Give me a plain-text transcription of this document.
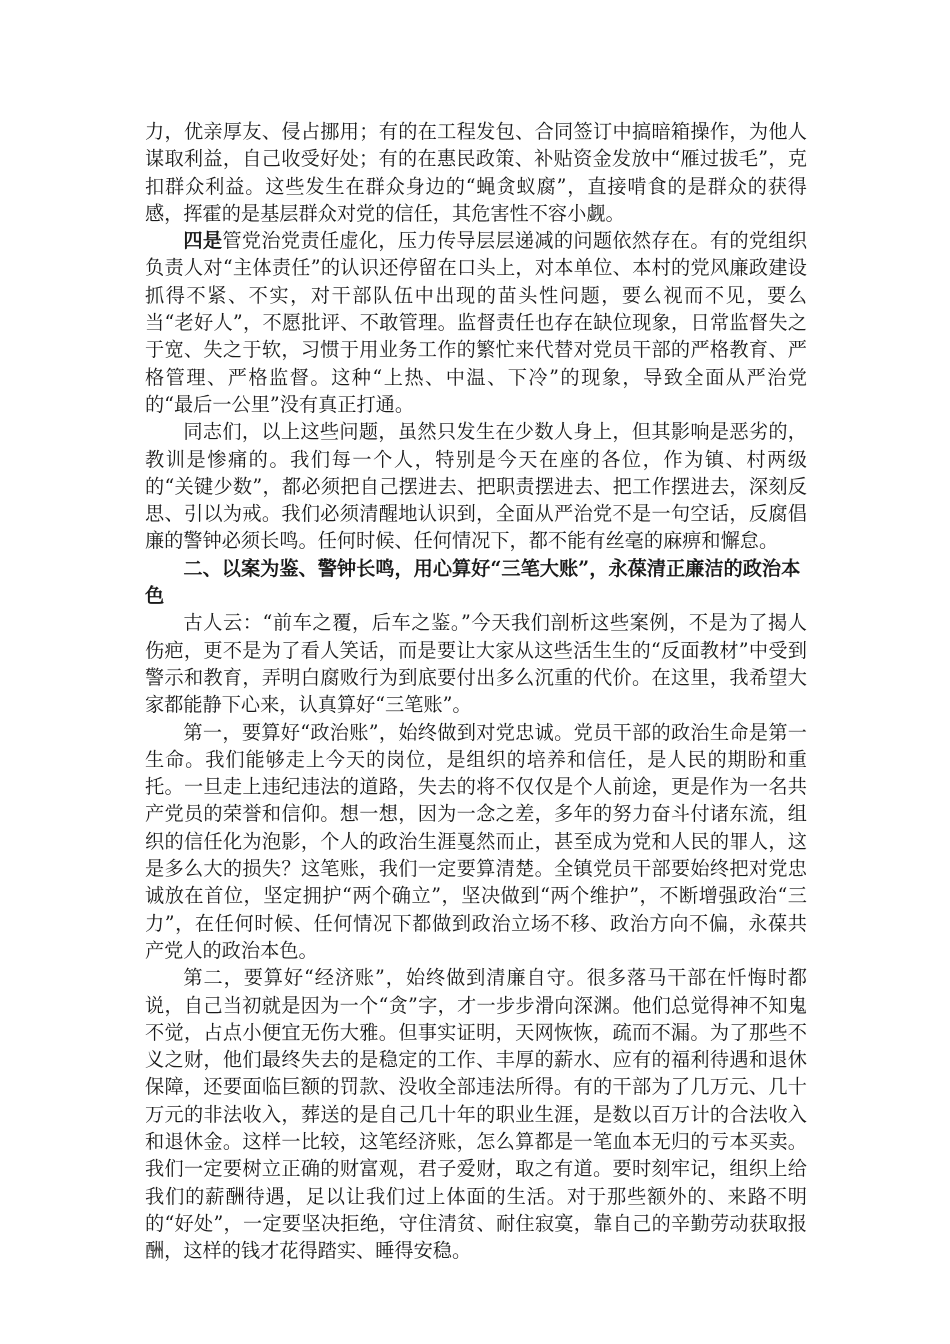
力，优亲厚友、侵占挪用；有的在工程发包、合同签订中搞暗箱操作，为他人谋取利益，自己收受好处；有的在惠民政策、补贴资金发放中“雁过拔毛”，克扣群众利益。这些发生在群众身边的“蝇贪蚁腐”，直接啃食的是群众的获得感，挥霍的是基层群众对党的信任，其危害性不容小觑。

四是管党治党责任虚化，压力传导层层递减的问题依然存在。有的党组织负责人对“主体责任”的认识还停留在口头上，对本单位、本村的党风廉政建设抓得不紧、不实，对干部队伍中出现的苗头性问题，要么视而不见，要么当“老好人”，不愿批评、不敢管理。监督责任也存在缺位现象，日常监督失之于宽、失之于软，习惯于用业务工作的繁忙来代替对党员干部的严格教育、严格管理、严格监督。这种“上热、中温、下冷”的现象，导致全面从严治党的“最后一公里”没有真正打通。

同志们，以上这些问题，虽然只发生在少数人身上，但其影响是恶劣的，教训是惨痛的。我们每一个人，特别是今天在座的各位，作为镇、村两级的“关键少数”，都必须把自己摆进去、把职责摆进去、把工作摆进去，深刻反思、引以为戒。我们必须清醒地认识到，全面从严治党不是一句空话，反腐倡廉的警钟必须长鸣。任何时候、任何情况下，都不能有丝毫的麻痹和懈怠。

二、以案为鉴、警钟长鸣，用心算好“三笔大账”，永葆清正廉洁的政治本色

古人云：“前车之覆，后车之鉴。”今天我们剖析这些案例，不是为了揭人伤疤，更不是为了看人笑话，而是要让大家从这些活生生的“反面教材”中受到警示和教育，弄明白腐败行为到底要付出多么沉重的代价。在这里，我希望大家都能静下心来，认真算好“三笔账”。

第一，要算好“政治账”，始终做到对党忠诚。党员干部的政治生命是第一生命。我们能够走上今天的岗位，是组织的培养和信任，是人民的期盼和重托。一旦走上违纪违法的道路，失去的将不仅仅是个人前途，更是作为一名共产党员的荣誉和信仰。想一想，因为一念之差，多年的努力奋斗付诸东流，组织的信任化为泡影，个人的政治生涯戛然而止，甚至成为党和人民的罪人，这是多么大的损失？这笔账，我们一定要算清楚。全镇党员干部要始终把对党忠诚放在首位，坚定拥护“两个确立”，坚决做到“两个维护”，不断增强政治“三力”，在任何时候、任何情况下都做到政治立场不移、政治方向不偏，永葆共产党人的政治本色。

第二，要算好“经济账”，始终做到清廉自守。很多落马干部在忏悔时都说，自己当初就是因为一个“贪”字，才一步步滑向深渊。他们总觉得神不知鬼不觉，占点小便宜无伤大雅。但事实证明，天网恢恢，疏而不漏。为了那些不义之财，他们最终失去的是稳定的工作、丰厚的薪水、应有的福利待遇和退休保障，还要面临巨额的罚款、没收全部违法所得。有的干部为了几万元、几十万元的非法收入，葬送的是自己几十年的职业生涯，是数以百万计的合法收入和退休金。这样一比较，这笔经济账，怎么算都是一笔血本无归的亏本买卖。我们一定要树立正确的财富观，君子爱财，取之有道。要时刻牢记，组织上给我们的薪酬待遇，足以让我们过上体面的生活。对于那些额外的、来路不明的“好处”，一定要坚决拒绝，守住清贫、耐住寂寞，靠自己的辛勤劳动获取报酬，这样的钱才花得踏实、睡得安稳。
